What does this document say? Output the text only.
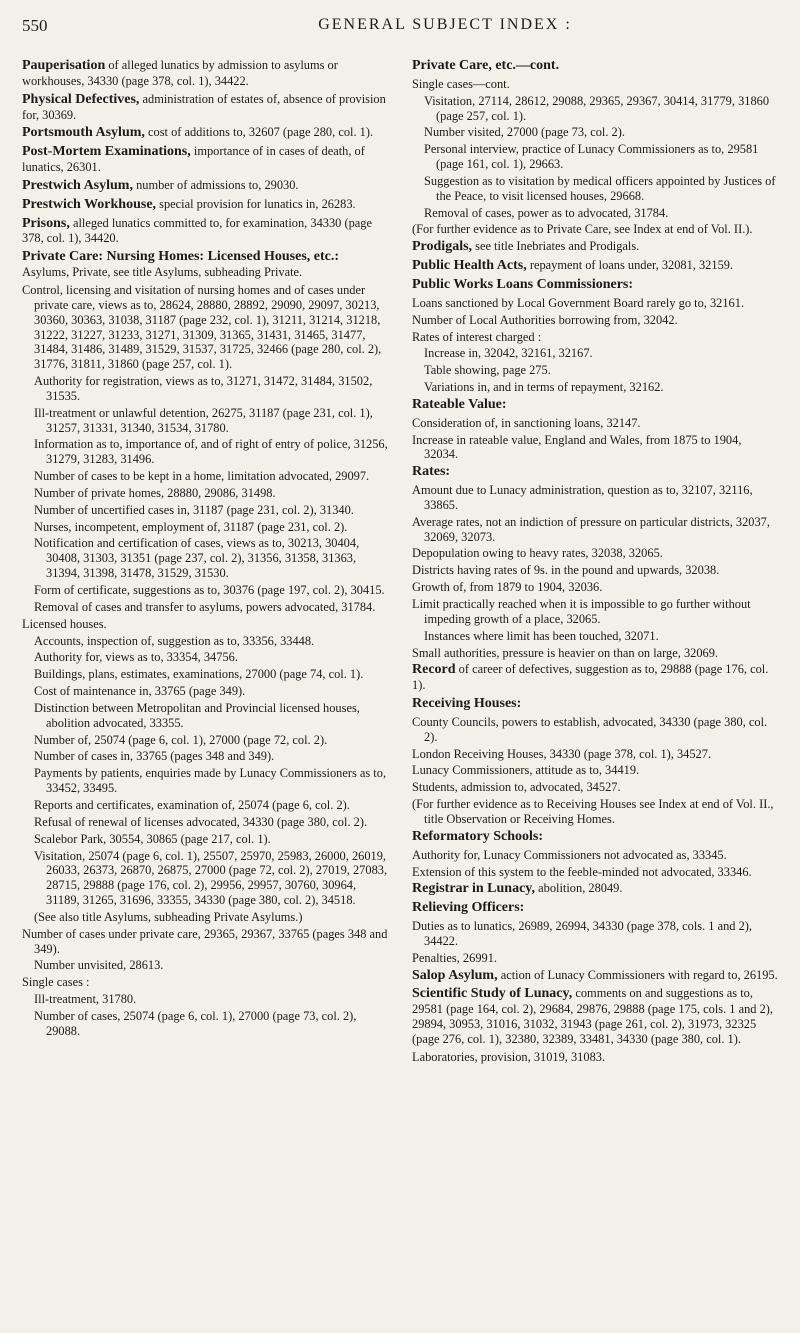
550	GENERAL SUBJECT INDEX :

Pauperisation of alleged lunatics by admission to asylums or workhouses, 34330 (page 378, col. 1), 34422.

Physical Defectives, administration of estates of, absence of provision for, 30369.

Portsmouth Asylum, cost of additions to, 32607 (page 280, col. 1).

Post-Mortem Examinations, importance of in cases of death, of lunatics, 26301.

Prestwich Asylum, number of admissions to, 29030.

Prestwich Workhouse, special provision for lunatics in, 26283.

Prisons, alleged lunatics committed to, for examination, 34330 (page 378, col. 1), 34420.

Private Care: Nursing Homes: Licensed Houses, etc.: Asylums, Private, see title Asylums, subheading Private.

Control, licensing and visitation of nursing homes and of cases under private care, views as to, 28624, 28880, 28892, 29090, 29097, 30213, 30360, 30363, 31038, 31187 (page 232, col. 1), 31211, 31214, 31218, 31222, 31227, 31233, 31271, 31309, 31365, 31431, 31465, 31477, 31484, 31486, 31489, 31529, 31537, 31725, 32466 (page 280, col. 2), 31776, 31811, 31860 (page 257, col. 1).

Authority for registration, views as to, 31271, 31472, 31484, 31502, 31535.

Ill-treatment or unlawful detention, 26275, 31187 (page 231, col. 1), 31257, 31331, 31340, 31534, 31780.

Information as to, importance of, and of right of entry of police, 31256, 31279, 31283, 31496.

Number of cases to be kept in a home, limitation advocated, 29097.

Number of private homes, 28880, 29086, 31498.

Number of uncertified cases in, 31187 (page 231, col. 2), 31340.

Nurses, incompetent, employment of, 31187 (page 231, col. 2).

Notification and certification of cases, views as to, 30213, 30404, 30408, 31303, 31351 (page 237, col. 2), 31356, 31358, 31363, 31394, 31398, 31478, 31529, 31530.

Form of certificate, suggestions as to, 30376 (page 197, col. 2), 30415.

Removal of cases and transfer to asylums, powers advocated, 31784.

Licensed houses.

Accounts, inspection of, suggestion as to, 33356, 33448.

Authority for, views as to, 33354, 34756.

Buildings, plans, estimates, examinations, 27000 (page 74, col. 1).

Cost of maintenance in, 33765 (page 349).

Distinction between Metropolitan and Provincial licensed houses, abolition advocated, 33355.

Number of, 25074 (page 6, col. 1), 27000 (page 72, col. 2).

Number of cases in, 33765 (pages 348 and 349).

Payments by patients, enquiries made by Lunacy Commissioners as to, 33452, 33495.

Reports and certificates, examination of, 25074 (page 6, col. 2).

Refusal of renewal of licenses advocated, 34330 (page 380, col. 2).

Scalebor Park, 30554, 30865 (page 217, col. 1).

Visitation, 25074 (page 6, col. 1), 25507, 25970, 25983, 26000, 26019, 26033, 26373, 26870, 26875, 27000 (page 72, col. 2), 27019, 27083, 28715, 29888 (page 176, col. 2), 29956, 29957, 30760, 30964, 31189, 31265, 31696, 33355, 34330 (page 380, col. 2), 34518.

(See also title Asylums, subheading Private Asylums.)

Number of cases under private care, 29365, 29367, 33765 (pages 348 and 349).

Number unvisited, 28613.

Single cases :

Ill-treatment, 31780.

Number of cases, 25074 (page 6, col. 1), 27000 (page 73, col. 2), 29088.

Private Care, etc.—cont.

Single cases—cont.

Visitation, 27114, 28612, 29088, 29365, 29367, 30414, 31779, 31860 (page 257, col. 1).

Number visited, 27000 (page 73, col. 2).

Personal interview, practice of Lunacy Commissioners as to, 29581 (page 161, col. 1), 29663.

Suggestion as to visitation by medical officers appointed by Justices of the Peace, to visit licensed houses, 29668.

Removal of cases, power as to advocated, 31784.

(For further evidence as to Private Care, see Index at end of Vol. II.).

Prodigals, see title Inebriates and Prodigals.

Public Health Acts, repayment of loans under, 32081, 32159.

Public Works Loans Commissioners:

Loans sanctioned by Local Government Board rarely go to, 32161.

Number of Local Authorities borrowing from, 32042.

Rates of interest charged :

Increase in, 32042, 32161, 32167.

Table showing, page 275.

Variations in, and in terms of repayment, 32162.

Rateable Value:

Consideration of, in sanctioning loans, 32147.

Increase in rateable value, England and Wales, from 1875 to 1904, 32034.

Rates:

Amount due to Lunacy administration, question as to, 32107, 32116, 33865.

Average rates, not an indiction of pressure on particular districts, 32037, 32069, 32073.

Depopulation owing to heavy rates, 32038, 32065.

Districts having rates of 9s. in the pound and upwards, 32038.

Growth of, from 1879 to 1904, 32036.

Limit practically reached when it is impossible to go further without impeding growth of a place, 32065.

Instances where limit has been touched, 32071.

Small authorities, pressure is heavier on than on large, 32069.

Record of career of defectives, suggestion as to, 29888 (page 176, col. 1).

Receiving Houses:

County Councils, powers to establish, advocated, 34330 (page 380, col. 2).

London Receiving Houses, 34330 (page 378, col. 1), 34527.

Lunacy Commissioners, attitude as to, 34419.

Students, admission to, advocated, 34527.

(For further evidence as to Receiving Houses see Index at end of Vol. II., title Observation or Receiving Homes.

Reformatory Schools:

Authority for, Lunacy Commissioners not advocated as, 33345.

Extension of this system to the feeble-minded not advocated, 33346.

Registrar in Lunacy, abolition, 28049.

Relieving Officers:

Duties as to lunatics, 26989, 26994, 34330 (page 378, cols. 1 and 2), 34422.

Penalties, 26991.

Salop Asylum, action of Lunacy Commissioners with regard to, 26195.

Scientific Study of Lunacy, comments on and suggestions as to, 29581 (page 164, col. 2), 29684, 29876, 29888 (page 175, cols. 1 and 2), 29894, 30953, 31016, 31032, 31943 (page 261, col. 2), 31973, 32325 (page 276, col. 1), 32380, 32389, 33481, 34330 (page 380, col. 1).

Laboratories, provision, 31019, 31083.
